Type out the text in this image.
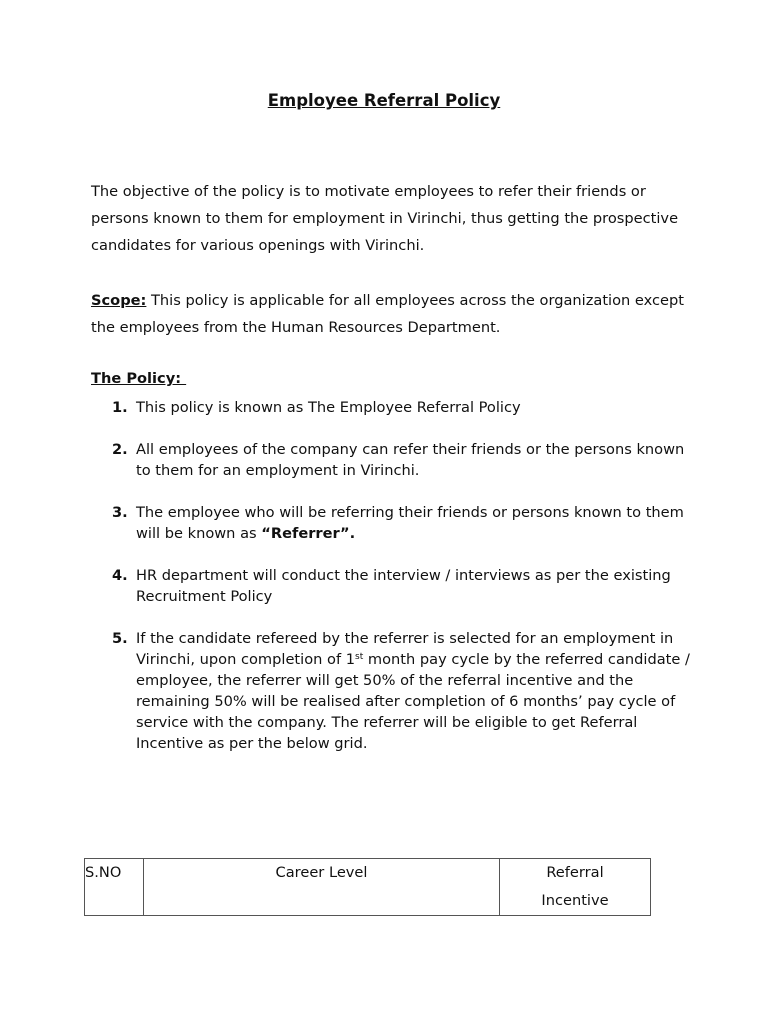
Employee Referral Policy

The objective of the policy is to motivate employees to refer their friends or persons known to them for employment in Virinchi, thus getting the prospective candidates for various openings with Virinchi.

Scope: This policy is applicable for all employees across the organization except the employees from the Human Resources Department.

The Policy:
1. This policy is known as The Employee Referral Policy
2. All employees of the company can refer their friends or the persons known to them for an employment in Virinchi.
3. The employee who will be referring their friends or persons known to them will be known as “Referrer”.
4. HR department will conduct the interview / interviews as per the existing Recruitment Policy
5. If the candidate refereed by the referrer is selected for an employment in Virinchi, upon completion of 1st month pay cycle by the referred candidate / employee, the referrer will get 50% of the referral incentive and the remaining 50% will be realised after completion of 6 months’ pay cycle of service with the company. The referrer will be eligible to get Referral Incentive as per the below grid.
S.NO	Career Level	Referral
Incentive
